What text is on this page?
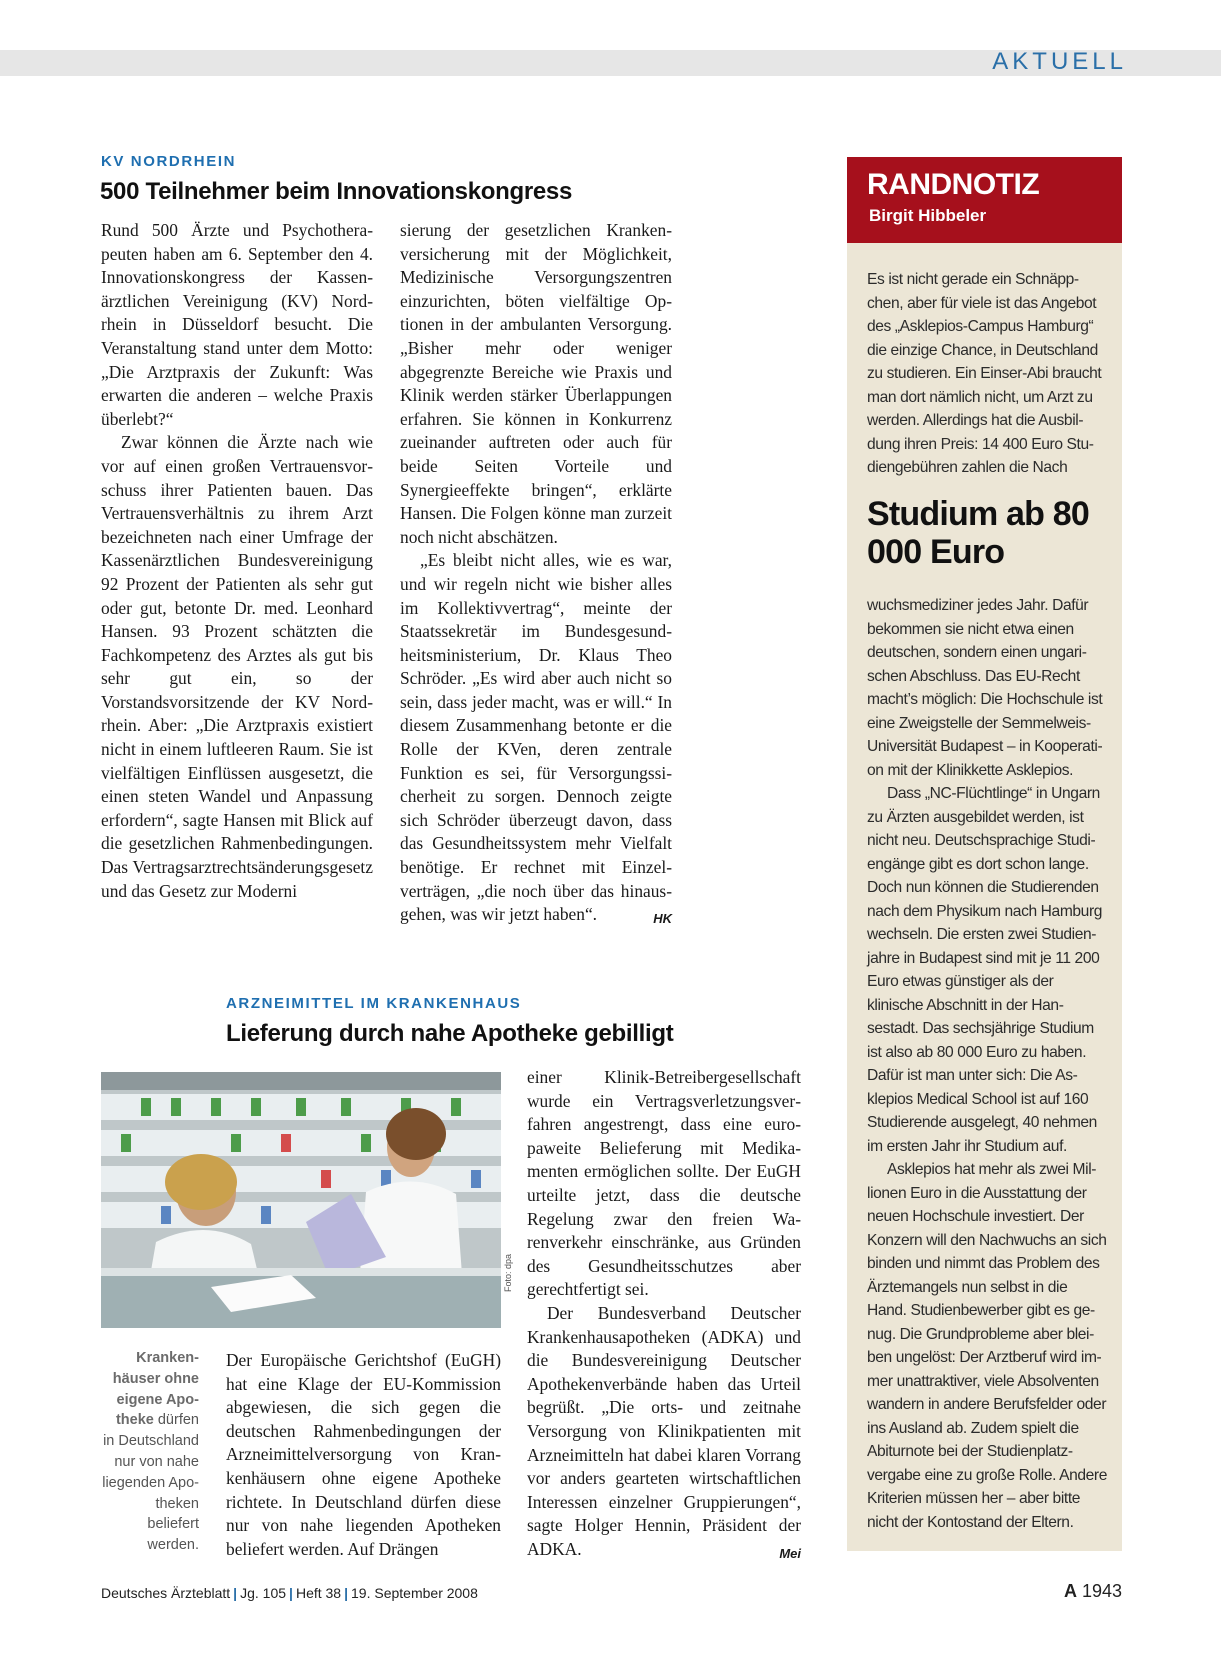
AKTUELL
KV NORDRHEIN
500 Teilnehmer beim Innovationskongress

Rund 500 Ärzte und Psychotherapeuten haben am 6. September den 4. Innovationskongress der Kassenärztlichen Vereinigung (KV) Nordrhein in Düsseldorf besucht. Die Veranstaltung stand unter dem Motto: „Die Arztpraxis der Zukunft: Was erwarten die anderen – welche Praxis überlebt?“

Zwar können die Ärzte nach wie vor auf einen großen Vertrauensvorschuss ihrer Patienten bauen. Das Vertrauensverhältnis zu ihrem Arzt bezeichneten nach einer Umfrage der Kassenärztlichen Bundesvereinigung 92 Prozent der Patienten als sehr gut oder gut, betonte Dr. med. Leonhard Hansen. 93 Prozent schätzten die Fachkompetenz des Arztes als gut bis sehr gut ein, so der Vorstandsvorsitzende der KV Nordrhein. Aber: „Die Arztpraxis existiert nicht in einem luftleeren Raum. Sie ist vielfältigen Einflüssen ausgesetzt, die einen steten Wandel und Anpassung erfordern“, sagte Hansen mit Blick auf die gesetzlichen Rahmenbedingungen. Das Vertragsarztrechtsänderungsgesetz und das Gesetz zur Moderni

sierung der gesetzlichen Krankenversicherung mit der Möglichkeit, Medizinische Versorgungszentren einzurichten, böten vielfältige Optionen in der ambulanten Versorgung. „Bisher mehr oder weniger abgegrenzte Bereiche wie Praxis und Klinik werden stärker Überlappungen erfahren. Sie können in Konkurrenz zueinander auftreten oder auch für beide Seiten Vorteile und Synergieeffekte bringen“, erklärte Hansen. Die Folgen könne man zurzeit noch nicht abschätzen.

„Es bleibt nicht alles, wie es war, und wir regeln nicht wie bisher alles im Kollektivvertrag“, meinte der Staatssekretär im Bundesgesundheitsministerium, Dr. Klaus Theo Schröder. „Es wird aber auch nicht so sein, dass jeder macht, was er will.“ In diesem Zusammenhang betonte er die Rolle der KVen, deren zentrale Funktion es sei, für Versorgungssicherheit zu sorgen. Dennoch zeigte sich Schröder überzeugt davon, dass das Gesundheitssystem mehr Vielfalt benötige. Er rechnet mit Einzelverträgen, „die noch über das hinausgehen, was wir jetzt haben“.	HK

ARZNEIMITTEL IM KRANKENHAUS
Lieferung durch nahe Apotheke gebilligt
Foto: dpa
Krankenhäuser ohne eigene Apotheke dürfen in Deutschland nur von nahe liegenden Apotheken beliefert werden.

Der Europäische Gerichtshof (EuGH) hat eine Klage der EU-Kommission abgewiesen, die sich gegen die deutschen Rahmenbedingungen der Arzneimittelversorgung von Krankenhäusern ohne eigene Apotheke richtete. In Deutschland dürfen diese nur von nahe liegenden Apotheken beliefert werden. Auf Drängen

einer Klinik-Betreibergesellschaft wurde ein Vertragsverletzungsverfahren angestrengt, dass eine europaweite Belieferung mit Medikamenten ermöglichen sollte. Der EuGH urteilte jetzt, dass die deutsche Regelung zwar den freien Warenverkehr einschränke, aus Gründen des Gesundheitsschutzes aber gerechtfertigt sei.

Der Bundesverband Deutscher Krankenhausapotheken (ADKA) und die Bundesvereinigung Deutscher Apothekenverbände haben das Urteil begrüßt. „Die orts- und zeitnahe Versorgung von Klinikpatienten mit Arzneimitteln hat dabei klaren Vorrang vor anders gearteten wirtschaftlichen Interessen einzelner Gruppierungen“, sagte Holger Hennin, Präsident der ADKA.	Mei

RANDNOTIZ
Birgit Hibbeler

Es ist nicht gerade ein Schnäppchen, aber für viele ist das Angebot des „Asklepios-Campus Hamburg“ die einzige Chance, in Deutschland zu studieren. Ein Einser-Abi braucht man dort nämlich nicht, um Arzt zu werden. Allerdings hat die Ausbildung ihren Preis: 14 400 Euro Studiengebühren zahlen die Nach

Studium ab 80 000 Euro

wuchsmediziner jedes Jahr. Dafür bekommen sie nicht etwa einen deutschen, sondern einen ungarischen Abschluss. Das EU-Recht macht’s möglich: Die Hochschule ist eine Zweigstelle der Semmelweis-Universität Budapest – in Kooperation mit der Klinikkette Asklepios.

Dass „NC-Flüchtlinge“ in Ungarn zu Ärzten ausgebildet werden, ist nicht neu. Deutschsprachige Studiengänge gibt es dort schon lange. Doch nun können die Studierenden nach dem Physikum nach Hamburg wechseln. Die ersten zwei Studienjahre in Budapest sind mit je 11 200 Euro etwas günstiger als der klinische Abschnitt in der Hansestadt. Das sechsjährige Studium ist also ab 80 000 Euro zu haben. Dafür ist man unter sich: Die Asklepios Medical School ist auf 160 Studierende ausgelegt, 40 nehmen im ersten Jahr ihr Studium auf.

Asklepios hat mehr als zwei Millionen Euro in die Ausstattung der neuen Hochschule investiert. Der Konzern will den Nachwuchs an sich binden und nimmt das Problem des Ärztemangels nun selbst in die Hand. Studienbewerber gibt es genug. Die Grundprobleme aber bleiben ungelöst: Der Arztberuf wird immer unattraktiver, viele Absolventen wandern in andere Berufsfelder oder ins Ausland ab. Zudem spielt die Abiturnote bei der Studienplatzvergabe eine zu große Rolle. Andere Kriterien müssen her – aber bitte nicht der Kontostand der Eltern.

Deutsches Ärzteblatt | Jg. 105 | Heft 38 | 19. September 2008	A 1943
